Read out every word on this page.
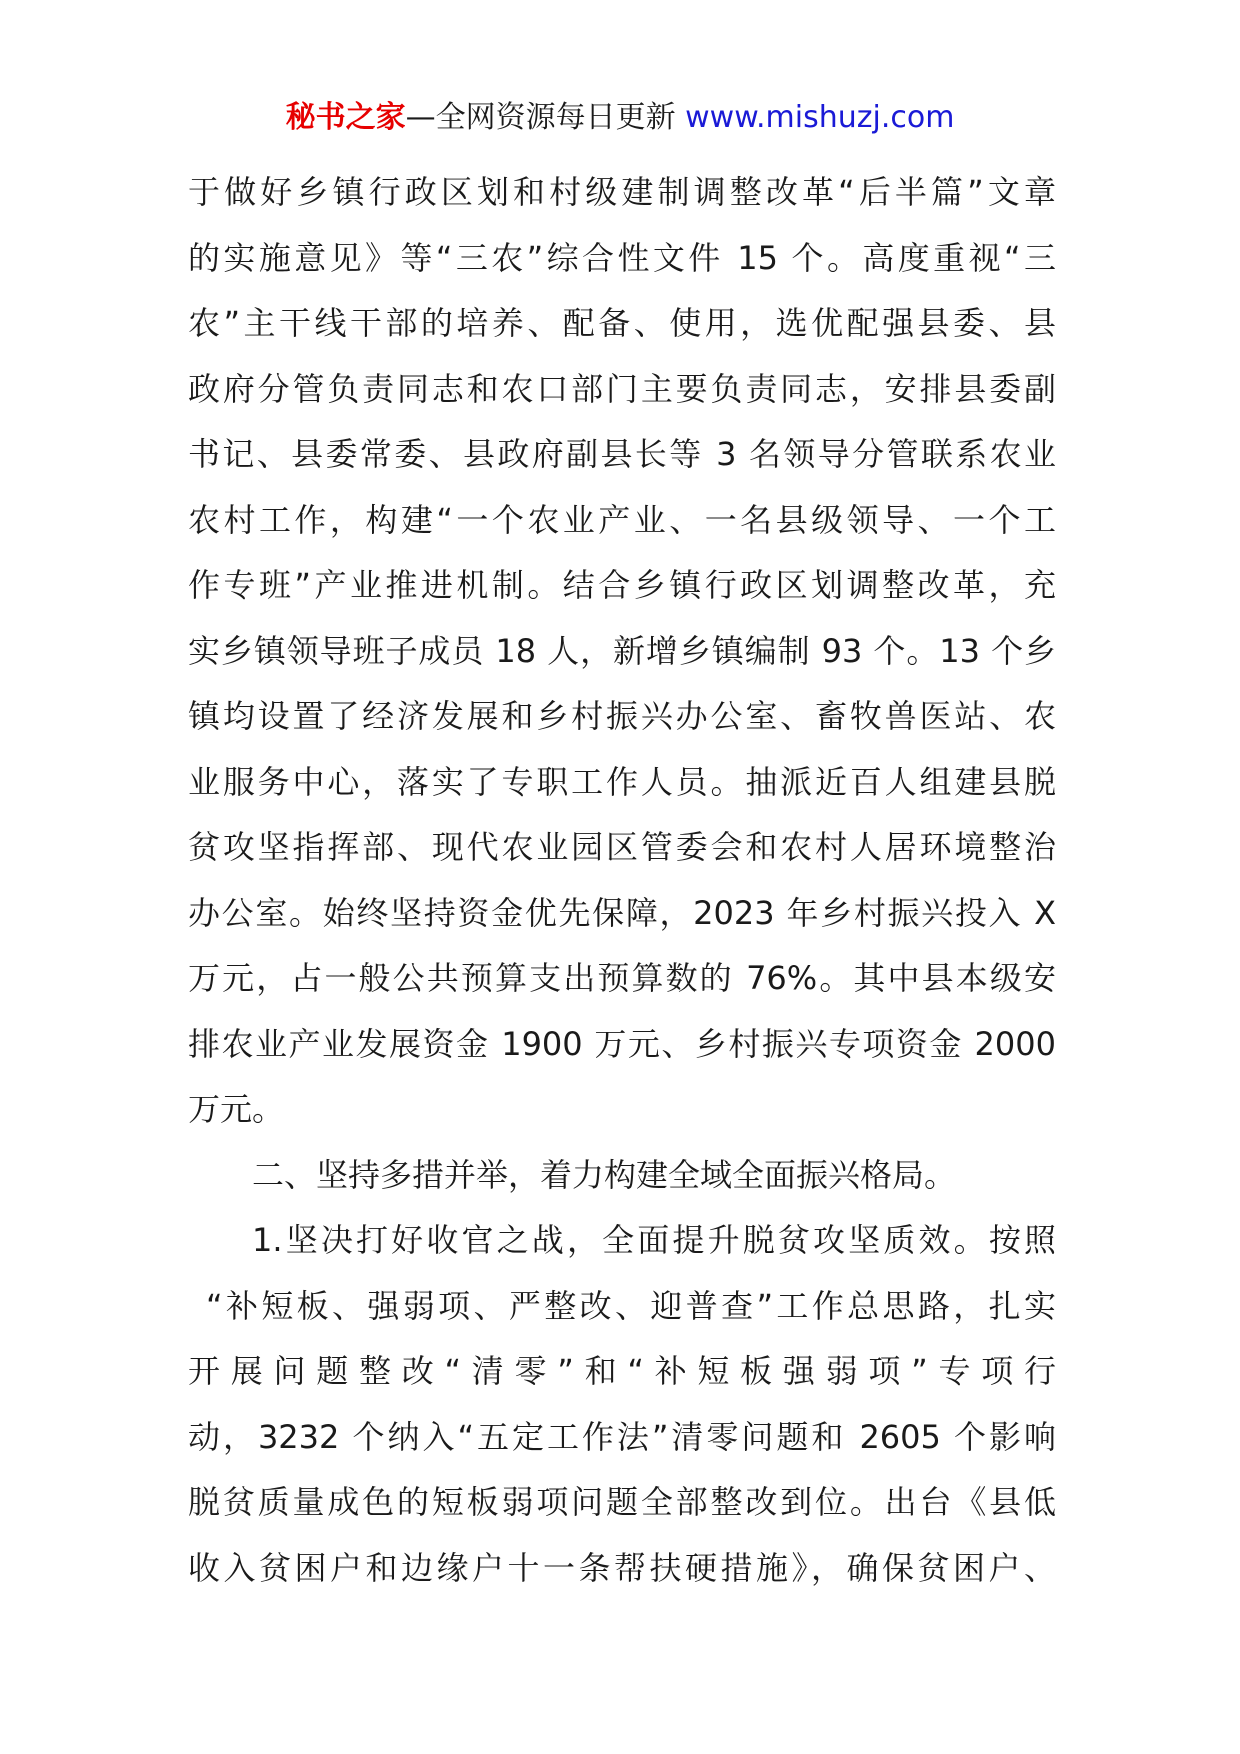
秘书之家—全网资源每日更新 www.mishuzj.com
于做好乡镇行政区划和村级建制调整改革“后半篇”文章
的实施意见》等“三农”综合性文件 15 个。高度重视“三
农”主干线干部的培养、配备、使用，选优配强县委、县
政府分管负责同志和农口部门主要负责同志，安排县委副
书记、县委常委、县政府副县长等 3 名领导分管联系农业
农村工作，构建“一个农业产业、一名县级领导、一个工
作专班”产业推进机制。结合乡镇行政区划调整改革，充
实乡镇领导班子成员 18 人，新增乡镇编制 93 个。13 个乡
镇均设置了经济发展和乡村振兴办公室、畜牧兽医站、农
业服务中心，落实了专职工作人员。抽派近百人组建县脱
贫攻坚指挥部、现代农业园区管委会和农村人居环境整治
办公室。始终坚持资金优先保障，2023 年乡村振兴投入 X
万元，占一般公共预算支出预算数的 76%。其中县本级安
排农业产业发展资金 1900 万元、乡村振兴专项资金 2000
万元。
二、坚持多措并举，着力构建全域全面振兴格局。
1.坚决打好收官之战，全面提升脱贫攻坚质效。按照
“补短板、强弱项、严整改、迎普查”工作总思路，扎实
开展问题整改“清零”和“补短板强弱项”专项行
动，3232 个纳入“五定工作法”清零问题和 2605 个影响
脱贫质量成色的短板弱项问题全部整改到位。出台《县低
收入贫困户和边缘户十一条帮扶硬措施》，确保贫困户、
